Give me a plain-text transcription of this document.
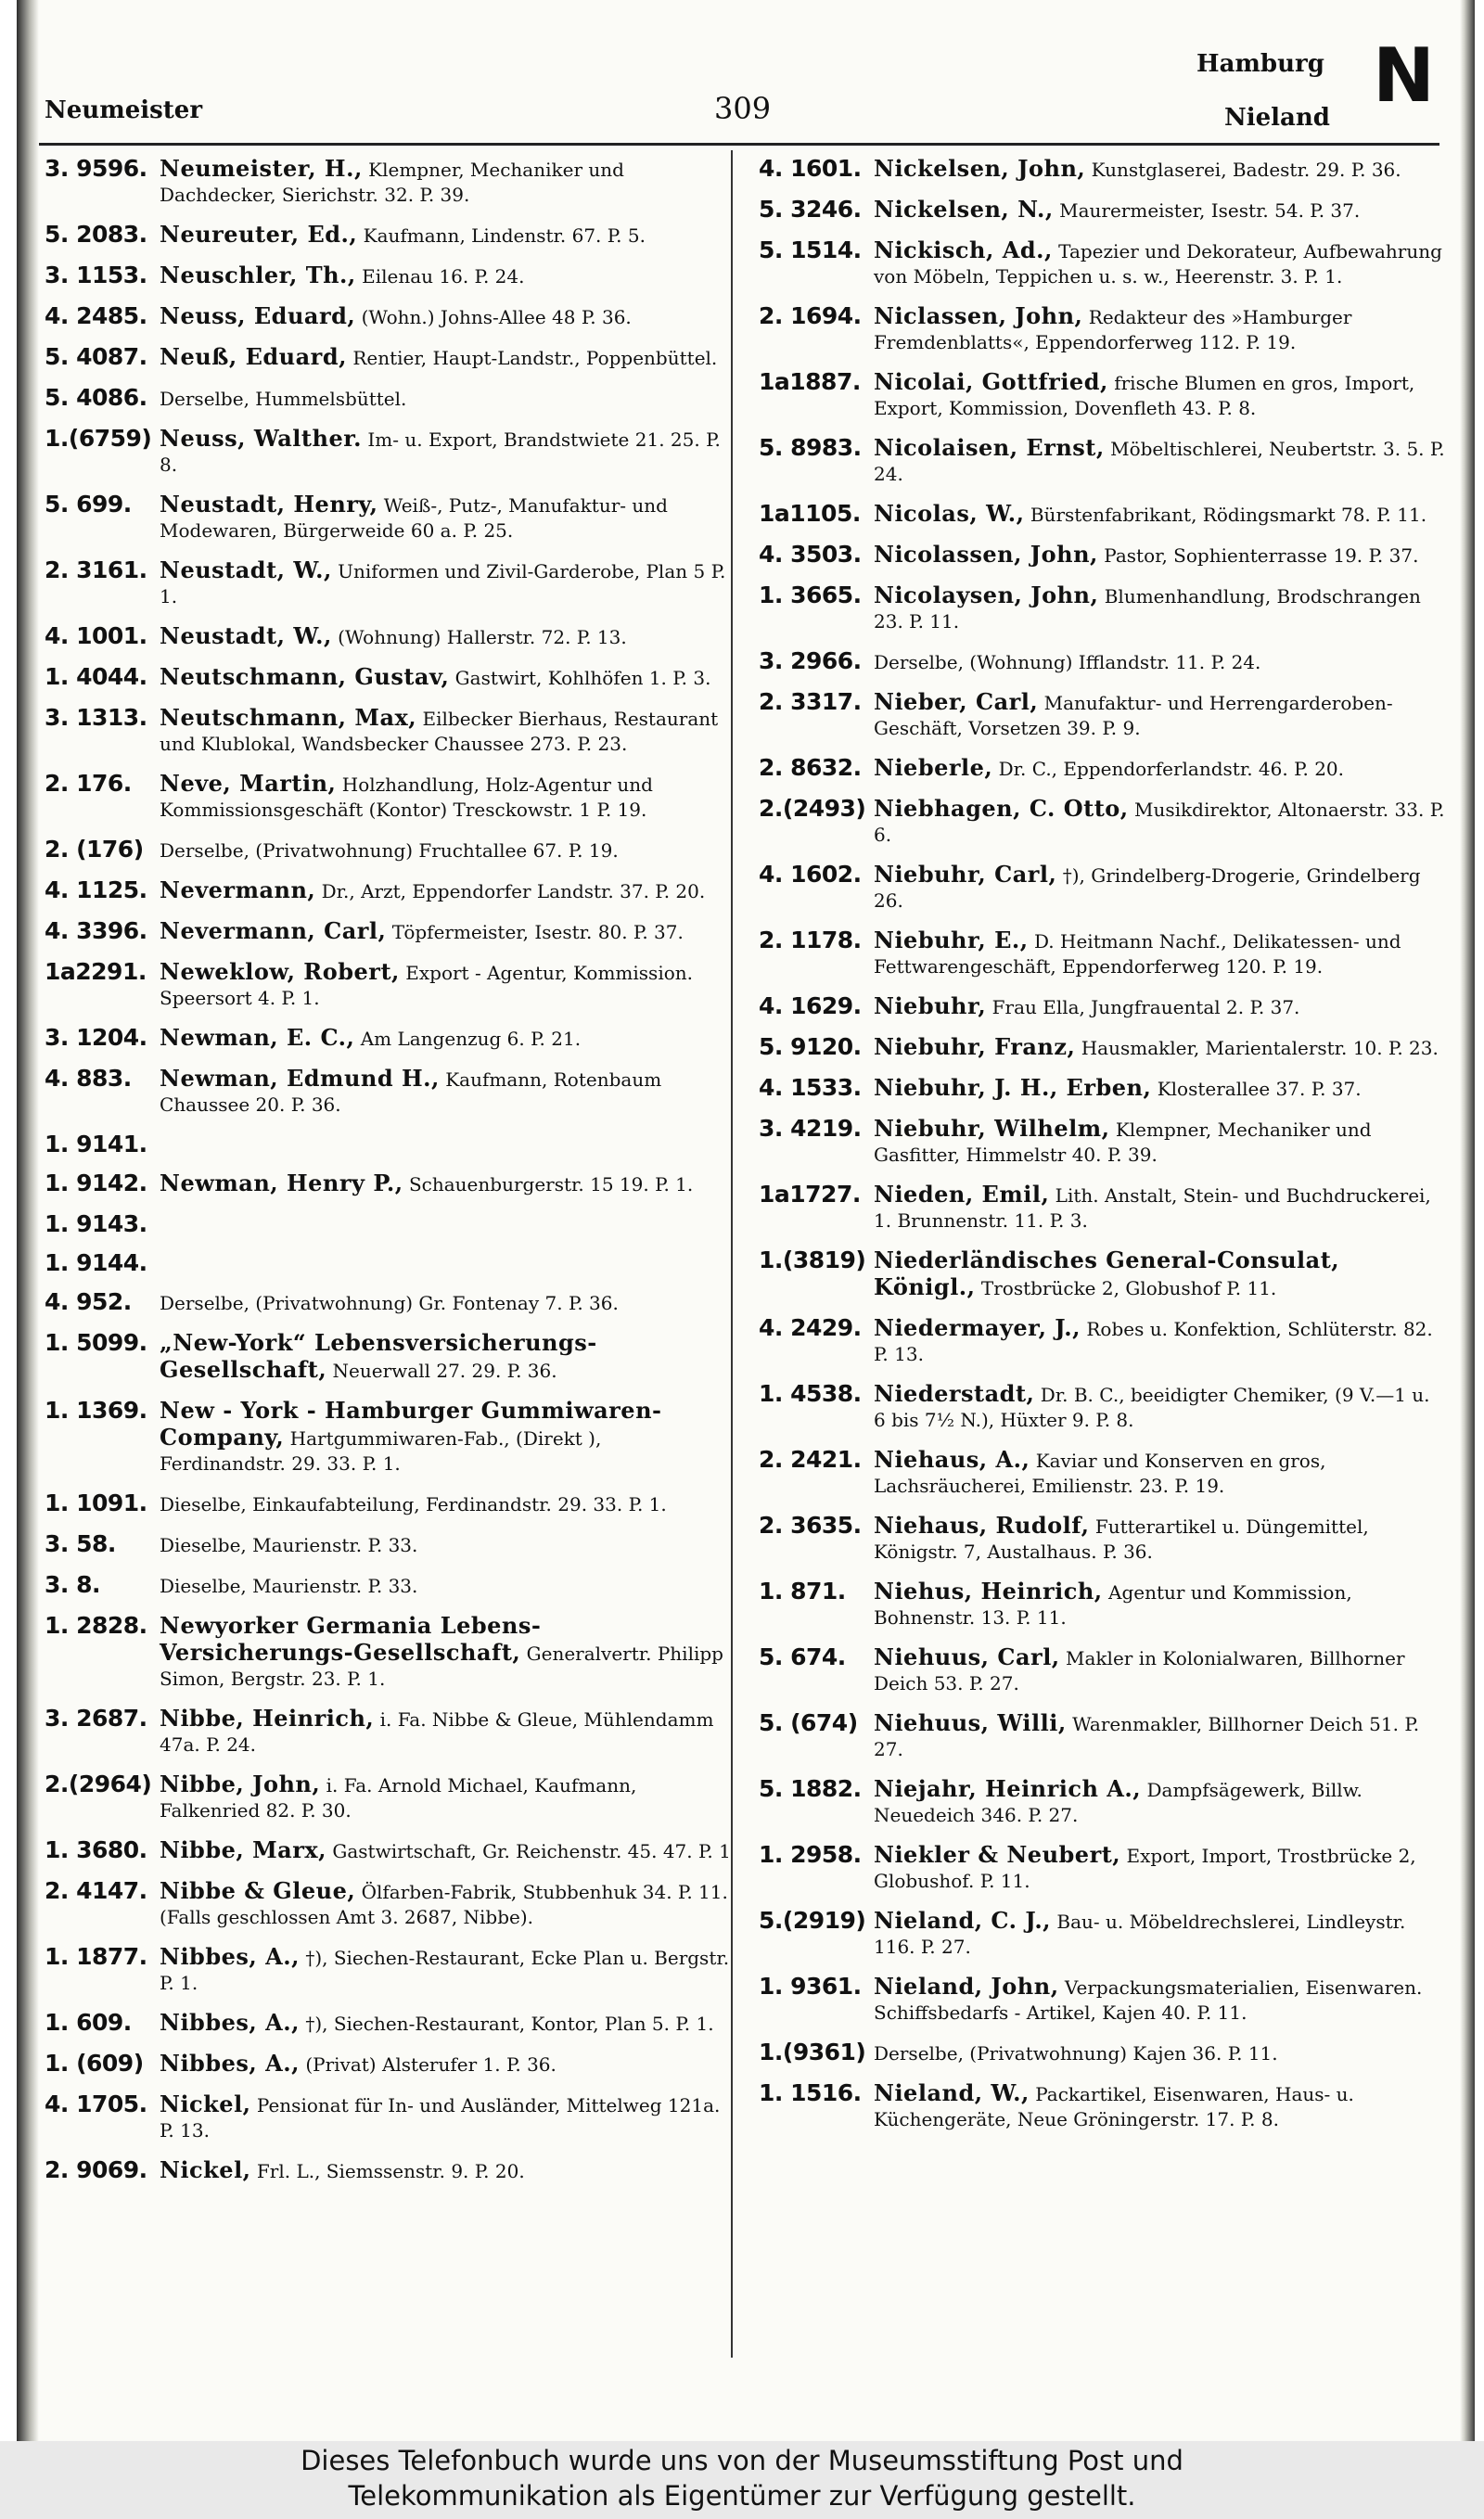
Neumeister	309
Hamburg
Nieland N
3. 9596. Neumeister, H., Klempner, Mechaniker und Dachdecker, Sierichstr. 32. P. 39.
5. 2083. Neureuter, Ed., Kaufmann, Lindenstr. 67. P. 5.
3. 1153. Neuschler, Th., Eilenau 16. P. 24.
4. 2485. Neuss, Eduard, (Wohn.) Johns-Allee 48 P. 36.
5. 4087. Neuß, Eduard, Rentier, Haupt-Landstr., Poppenbüttel.
5. 4086. Derselbe, Hummelsbüttel.
1.(6759) Neuss, Walther. Im- u. Export, Brandstwiete 21. 25. P. 8.
5. 699.	Neustadt, Henry, Weiß-, Putz-, Manufaktur- und Modewaren, Bürgerweide 60 a. P. 25.
2. 3161. Neustadt, W., Uniformen und Zivil-Garderobe, Plan 5 P. 1.
4. 1001. Neustadt, W., (Wohnung) Hallerstr. 72. P. 13.
1. 4044. Neutschmann, Gustav, Gastwirt, Kohlhöfen 1. P. 3.
3. 1313. Neutschmann, Max, Eilbecker Bierhaus, Restaurant und Klublokal, Wandsbecker Chaussee 273. P. 23.
2. 176.	Neve, Martin, Holzhandlung, Holz-Agentur und Kommissionsgeschäft (Kontor) Tresckowstr. 1 P. 19.
2. (176) Derselbe, (Privatwohnung) Fruchtallee 67. P. 19.
4. 1125. Nevermann, Dr., Arzt, Eppendorfer Landstr. 37. P. 20.
4. 3396. Nevermann, Carl, Töpfermeister, Isestr. 80. P. 37.
1a2291. Neweklow, Robert, Export - Agentur, Kommission. Speersort 4. P. 1.
3. 1204. Newman, E. C., Am Langenzug 6. P. 21.
4. 883.	Newman, Edmund H., Kaufmann, Rotenbaum Chaussee 20. P. 36.
1. 9141.
1. 9142. Newman, Henry P., Schauenburgerstr. 15 19. P. 1.
1. 9143.
1. 9144.
4. 952.	Derselbe, (Privatwohnung) Gr. Fontenay 7. P. 36.
1. 5099. „New-York“ Lebensversicherungs-Gesellschaft, Neuerwall 27. 29. P. 36.
1. 1369. New - York - Hamburger Gummiwaren-Company, Hartgummiwaren-Fab., (Direkt ), Ferdinandstr. 29. 33. P. 1.
1. 1091. Dieselbe, Einkaufabteilung, Ferdinandstr. 29. 33. P. 1.
3. 58.	Dieselbe, Maurienstr. P. 33.
3. 8.	Dieselbe, Maurienstr. P. 33.
1. 2828. Newyorker Germania Lebens-Versicherungs-Gesellschaft, Generalvertr. Philipp Simon, Bergstr. 23. P. 1.
3. 2687. Nibbe, Heinrich, i. Fa. Nibbe & Gleue, Mühlendamm 47a. P. 24.
2.(2964) Nibbe, John, i. Fa. Arnold Michael, Kaufmann, Falkenried 82. P. 30.
1. 3680. Nibbe, Marx, Gastwirtschaft, Gr. Reichenstr. 45. 47. P. 1
2. 4147. Nibbe & Gleue, Ölfarben-Fabrik, Stubbenhuk 34. P. 11. (Falls geschlossen Amt 3. 2687, Nibbe).
1. 1877. Nibbes, A., †), Siechen-Restaurant, Ecke Plan u. Bergstr. P. 1.
1. 609.	Nibbes, A., †), Siechen-Restaurant, Kontor, Plan 5. P. 1.
1. (609) Nibbes, A., (Privat) Alsterufer 1. P. 36.
4. 1705. Nickel, Pensionat für In- und Ausländer, Mittelweg 121a. P. 13.
2. 9069. Nickel, Frl. L., Siemssenstr. 9. P. 20.
4. 1601. Nickelsen, John, Kunstglaserei, Badestr. 29. P. 36.
5. 3246. Nickelsen, N., Maurermeister, Isestr. 54. P. 37.
5. 1514. Nickisch, Ad., Tapezier und Dekorateur, Aufbewahrung von Möbeln, Teppichen u. s. w., Heerenstr. 3. P. 1.
2. 1694. Niclassen, John, Redakteur des »Hamburger Fremdenblatts«, Eppendorferweg 112. P. 19.
1a1887. Nicolai, Gottfried, frische Blumen en gros, Import, Export, Kommission, Dovenfleth 43. P. 8.
5. 8983. Nicolaisen, Ernst, Möbeltischlerei, Neubertstr. 3. 5. P. 24.
1a1105. Nicolas, W., Bürstenfabrikant, Rödingsmarkt 78. P. 11.
4. 3503. Nicolassen, John, Pastor, Sophienterrasse 19. P. 37.
1. 3665. Nicolaysen, John, Blumenhandlung, Brodschrangen 23. P. 11.
3. 2966. Derselbe, (Wohnung) Ifflandstr. 11. P. 24.
2. 3317. Nieber, Carl, Manufaktur- und Herrengarderoben-Geschäft, Vorsetzen 39. P. 9.
2. 8632. Nieberle, Dr. C., Eppendorferlandstr. 46. P. 20.
2.(2493) Niebhagen, C. Otto, Musikdirektor, Altonaerstr. 33. P. 6.
4. 1602. Niebuhr, Carl, †), Grindelberg-Drogerie, Grindelberg 26.
2. 1178. Niebuhr, E., D. Heitmann Nachf., Delikatessen- und Fettwarengeschäft, Eppendorferweg 120. P. 19.
4. 1629. Niebuhr, Frau Ella, Jungfrauental 2. P. 37.
5. 9120. Niebuhr, Franz, Hausmakler, Marientalerstr. 10. P. 23.
4. 1533. Niebuhr, J. H., Erben, Klosterallee 37. P. 37.
3. 4219. Niebuhr, Wilhelm, Klempner, Mechaniker und Gasfitter, Himmelstr 40. P. 39.
1a1727. Nieden, Emil, Lith. Anstalt, Stein- und Buchdruckerei, 1. Brunnenstr. 11. P. 3.
1.(3819) Niederländisches General-Consulat, Königl., Trostbrücke 2, Globushof P. 11.
4. 2429. Niedermayer, J., Robes u. Konfektion, Schlüterstr. 82. P. 13.
1. 4538. Niederstadt, Dr. B. C., beeidigter Chemiker, (9 V.—1 u. 6 bis 7½ N.), Hüxter 9. P. 8.
2. 2421. Niehaus, A., Kaviar und Konserven en gros, Lachsräucherei, Emilienstr. 23. P. 19.
2. 3635. Niehaus, Rudolf, Futterartikel u. Düngemittel, Königstr. 7, Austalhaus. P. 36.
1. 871.	Niehus, Heinrich, Agentur und Kommission, Bohnenstr. 13. P. 11.
5. 674.	Niehuus, Carl, Makler in Kolonialwaren, Billhorner Deich 53. P. 27.
5. (674) Niehuus, Willi, Warenmakler, Billhorner Deich 51. P. 27.
5. 1882. Niejahr, Heinrich A., Dampfsägewerk, Billw. Neuedeich 346. P. 27.
1. 2958. Niekler & Neubert, Export, Import, Trostbrücke 2, Globushof. P. 11.
5.(2919) Nieland, C. J., Bau- u. Möbeldrechslerei, Lindleystr. 116. P. 27.
1. 9361. Nieland, John, Verpackungsmaterialien, Eisenwaren. Schiffsbedarfs - Artikel, Kajen 40. P. 11.
1.(9361) Derselbe, (Privatwohnung) Kajen 36. P. 11.
1. 1516. Nieland, W., Packartikel, Eisenwaren, Haus- u. Küchengeräte, Neue Gröningerstr. 17. P. 8.
Dieses Telefonbuch wurde uns von der Museumsstiftung Post und
Telekommunikation als Eigentümer zur Verfügung gestellt.
